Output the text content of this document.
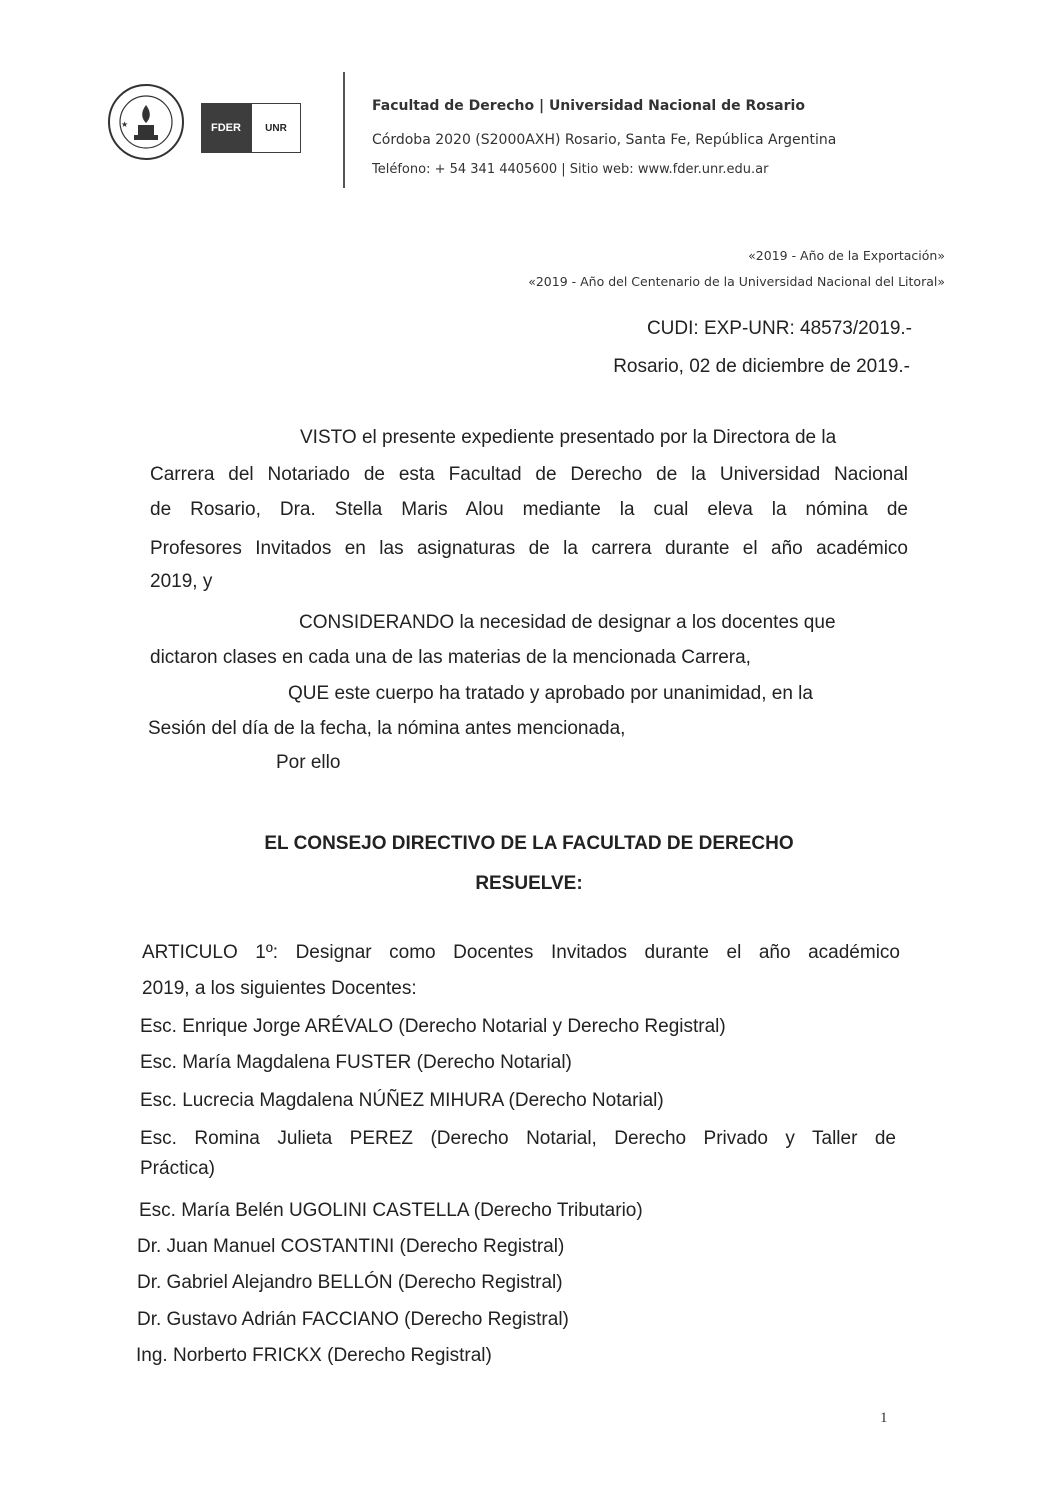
★	FDER	UNR
Facultad de Derecho | Universidad Nacional de Rosario
Córdoba 2020 (S2000AXH) Rosario, Santa Fe, República Argentina
Teléfono: + 54 341 4405600 | Sitio web: www.fder.unr.edu.ar
«2019 - Año de la Exportación»
«2019 - Año del Centenario de la Universidad Nacional del Litoral»
CUDI: EXP-UNR: 48573/2019.-
Rosario, 02 de diciembre de 2019.-
VISTO el presente expediente presentado por la Directora de la
Carrera del Notariado de esta Facultad de Derecho de la Universidad Nacional
de Rosario, Dra. Stella Maris Alou mediante la cual eleva la nómina de
Profesores Invitados en las asignaturas de la carrera durante el año académico
2019, y
CONSIDERANDO la necesidad de designar a los docentes que
dictaron clases en cada una de las materias de la mencionada Carrera,
QUE este cuerpo ha tratado y aprobado por unanimidad, en la
Sesión del día de la fecha, la nómina antes mencionada,
Por ello
EL CONSEJO DIRECTIVO DE LA FACULTAD DE DERECHO
RESUELVE:
ARTICULO 1º: Designar como Docentes Invitados durante el año académico
2019, a los siguientes Docentes:
Esc. Enrique Jorge ARÉVALO (Derecho Notarial y Derecho Registral)
Esc. María Magdalena FUSTER (Derecho Notarial)
Esc. Lucrecia Magdalena NÚÑEZ MIHURA (Derecho Notarial)
Esc. Romina Julieta PEREZ (Derecho Notarial, Derecho Privado y Taller de
Práctica)
Esc. María Belén UGOLINI CASTELLA (Derecho Tributario)
Dr. Juan Manuel COSTANTINI (Derecho Registral)
Dr. Gabriel Alejandro BELLÓN (Derecho Registral)
Dr. Gustavo Adrián FACCIANO (Derecho Registral)
Ing. Norberto FRICKX (Derecho Registral)
1
